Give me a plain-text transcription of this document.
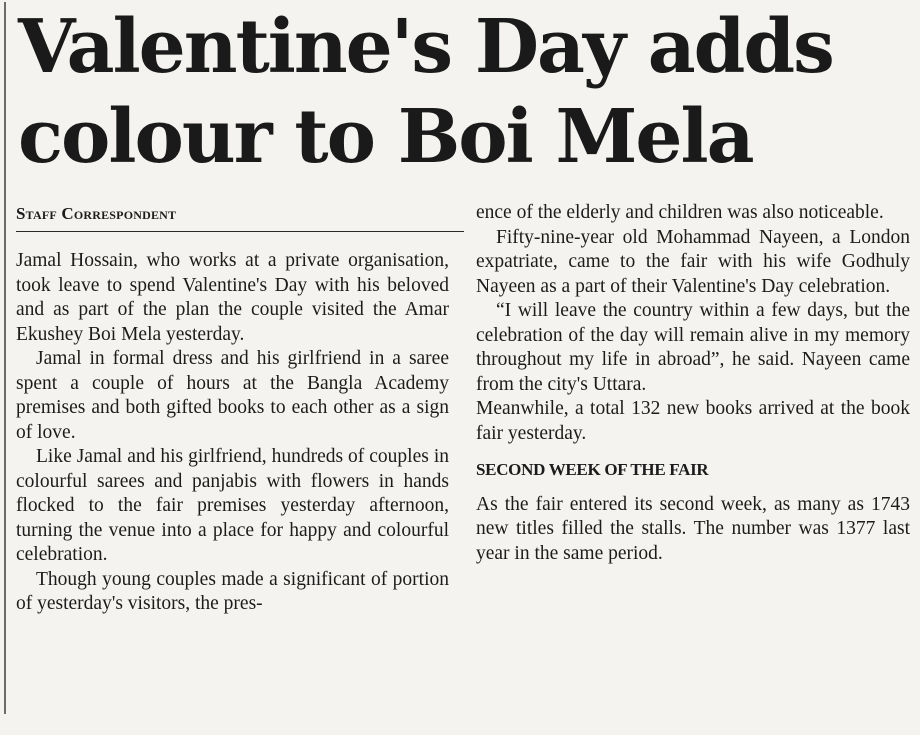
Valentine's Day adds
colour to Boi Mela
Staff Correspondent

Jamal Hossain, who works at a private organisation, took leave to spend Valentine's Day with his beloved and as part of the plan the couple visited the Amar Ekushey Boi Mela yesterday.

Jamal in formal dress and his girlfriend in a saree spent a couple of hours at the Bangla Academy premises and both gifted books to each other as a sign of love.

Like Jamal and his girlfriend, hundreds of couples in colourful sarees and panjabis with flowers in hands flocked to the fair premises yesterday afternoon, turning the venue into a place for happy and colourful celebration.

Though young couples made a significant of portion of yesterday's visitors, the pres-

ence of the elderly and children was also noticeable.

Fifty-nine-year old Mohammad Nayeen, a London expatriate, came to the fair with his wife Godhuly Nayeen as a part of their Valentine's Day celebration.

“I will leave the country within a few days, but the celebration of the day will remain alive in my memory throughout my life in abroad”, he said. Nayeen came from the city's Uttara.

Meanwhile, a total 132 new books arrived at the book fair yesterday.

SECOND WEEK OF THE FAIR

As the fair entered its second week, as many as 1743 new titles filled the stalls. The number was 1377 last year in the same period.
